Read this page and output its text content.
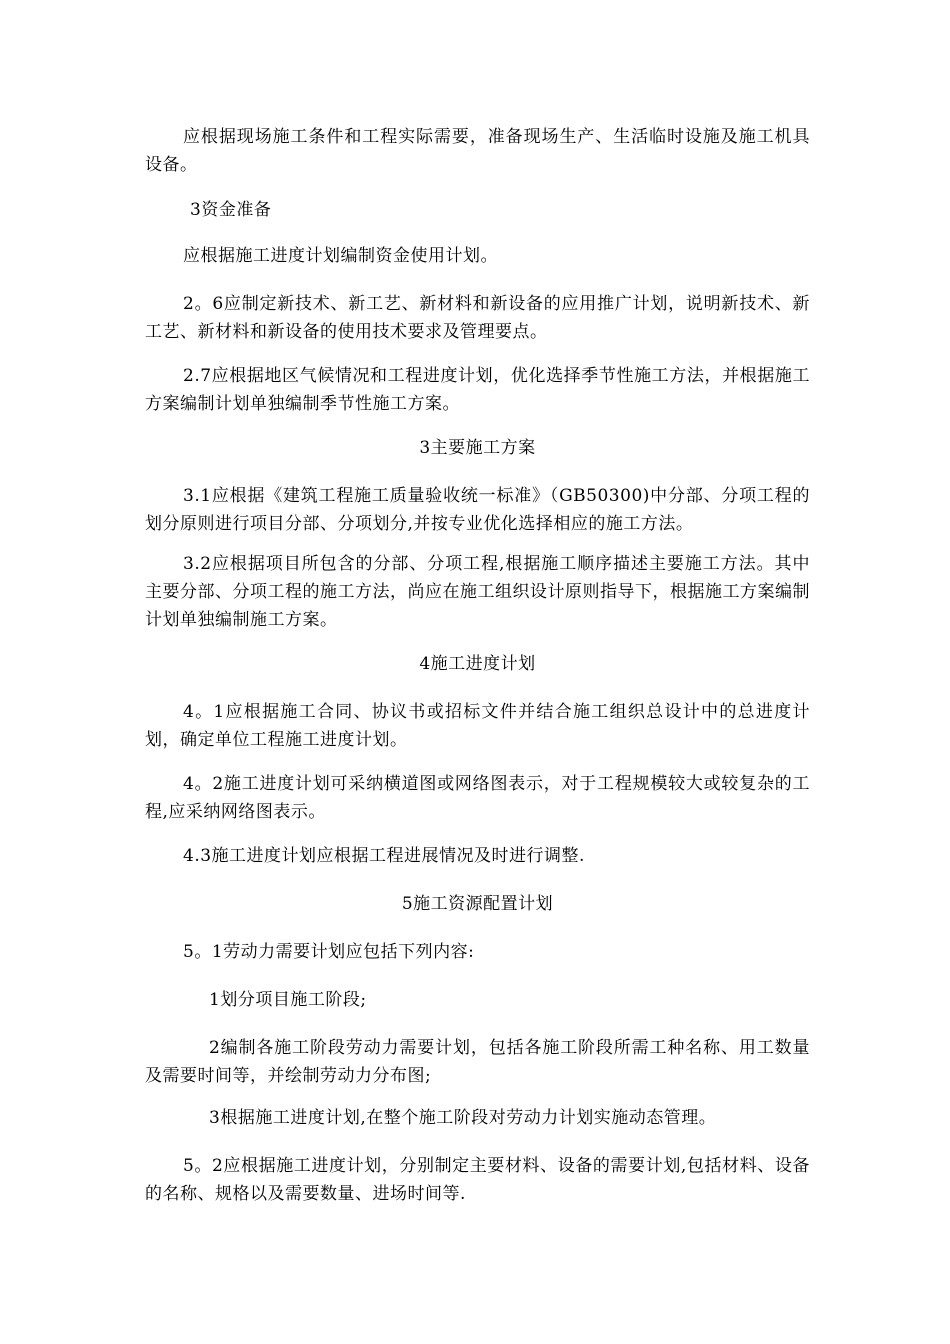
应根据现场施工条件和工程实际需要，准备现场生产、生活临时设施及施工机具设备。

3资金准备

应根据施工进度计划编制资金使用计划。

2。6应制定新技术、新工艺、新材料和新设备的应用推广计划，说明新技术、新工艺、新材料和新设备的使用技术要求及管理要点。

2.7应根据地区气候情况和工程进度计划，优化选择季节性施工方法，并根据施工方案编制计划单独编制季节性施工方案。

3主要施工方案

3.1应根据《建筑工程施工质量验收统一标准》（GB50300)中分部、分项工程的划分原则进行项目分部、分项划分,并按专业优化选择相应的施工方法。

3.2应根据项目所包含的分部、分项工程,根据施工顺序描述主要施工方法。其中主要分部、分项工程的施工方法，尚应在施工组织设计原则指导下，根据施工方案编制计划单独编制施工方案。

4施工进度计划

4。1应根据施工合同、协议书或招标文件并结合施工组织总设计中的总进度计划，确定单位工程施工进度计划。

4。2施工进度计划可采纳横道图或网络图表示，对于工程规模较大或较复杂的工程,应采纳网络图表示。

4.3施工进度计划应根据工程进展情况及时进行调整.

5施工资源配置计划

5。1劳动力需要计划应包括下列内容:

1划分项目施工阶段;

2编制各施工阶段劳动力需要计划，包括各施工阶段所需工种名称、用工数量及需要时间等，并绘制劳动力分布图;

3根据施工进度计划,在整个施工阶段对劳动力计划实施动态管理。

5。2应根据施工进度计划，分别制定主要材料、设备的需要计划,包括材料、设备的名称、规格以及需要数量、进场时间等.
